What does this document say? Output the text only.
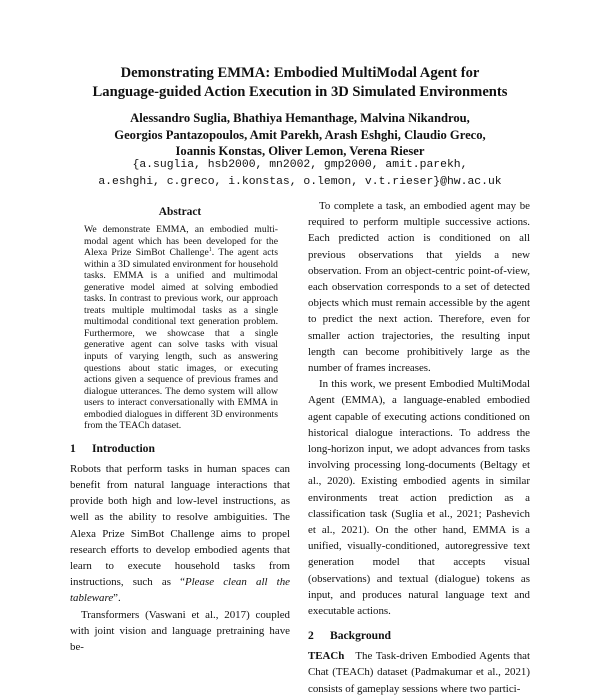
Demonstrating EMMA: Embodied MultiModal Agent for
Language-guided Action Execution in 3D Simulated Environments
Alessandro Suglia, Bhathiya Hemanthage, Malvina Nikandrou,
Georgios Pantazopoulos, Amit Parekh, Arash Eshghi, Claudio Greco,
Ioannis Konstas, Oliver Lemon, Verena Rieser
{a.suglia, hsb2000, mn2002, gmp2000, amit.parekh,
a.eshghi, c.greco, i.konstas, o.lemon, v.t.rieser}@hw.ac.uk
Abstract

We demonstrate EMMA, an embodied multi-modal agent which has been developed for the Alexa Prize SimBot Challenge$^1$. The agent acts within a 3D simulated environment for household tasks. EMMA is a unified and multimodal generative model aimed at solving embodied tasks. In contrast to previous work, our approach treats multiple multimodal tasks as a single multimodal conditional text generation problem. Furthermore, we showcase that a single generative agent can solve tasks with visual inputs of varying length, such as answering questions about static images, or executing actions given a sequence of previous frames and dialogue utterances. The demo system will allow users to interact conversationally with EMMA in embodied dialogues in different 3D environments from the TEACh dataset.

1 Introduction

Robots that perform tasks in human spaces can benefit from natural language interactions that provide both high and low-level instructions, as well as the ability to resolve ambiguities. The Alexa Prize SimBot Challenge aims to propel research efforts to develop embodied agents that learn to execute household tasks from instructions, such as “Please clean all the tableware”.

Transformers (Vaswani et al., 2017) coupled with joint vision and language pretraining have be-

To complete a task, an embodied agent may be required to perform multiple successive actions. Each predicted action is conditioned on all previous observations that yields a new observation. From an object-centric point-of-view, each observation corresponds to a set of detected objects which must remain accessible by the agent to predict the next action. Therefore, even for smaller action trajectories, the resulting input length can become prohibitively large as the number of frames increases.

In this work, we present Embodied MultiModal Agent (EMMA), a language-enabled embodied agent capable of executing actions conditioned on historical dialogue interactions. To address the long-horizon input, we adopt advances from tasks involving processing long-documents (Beltagy et al., 2020). Existing embodied agents in similar environments treat action prediction as a classification task (Suglia et al., 2021; Pashevich et al., 2021). On the other hand, EMMA is a unified, visually-conditioned, autoregressive text generation model that accepts visual (observations) and textual (dialogue) tokens as input, and produces natural language text and executable actions.

2 Background

TEACh The Task-driven Embodied Agents that Chat (TEACh) dataset (Padmakumar et al., 2021) consists of gameplay sessions where two partici-
